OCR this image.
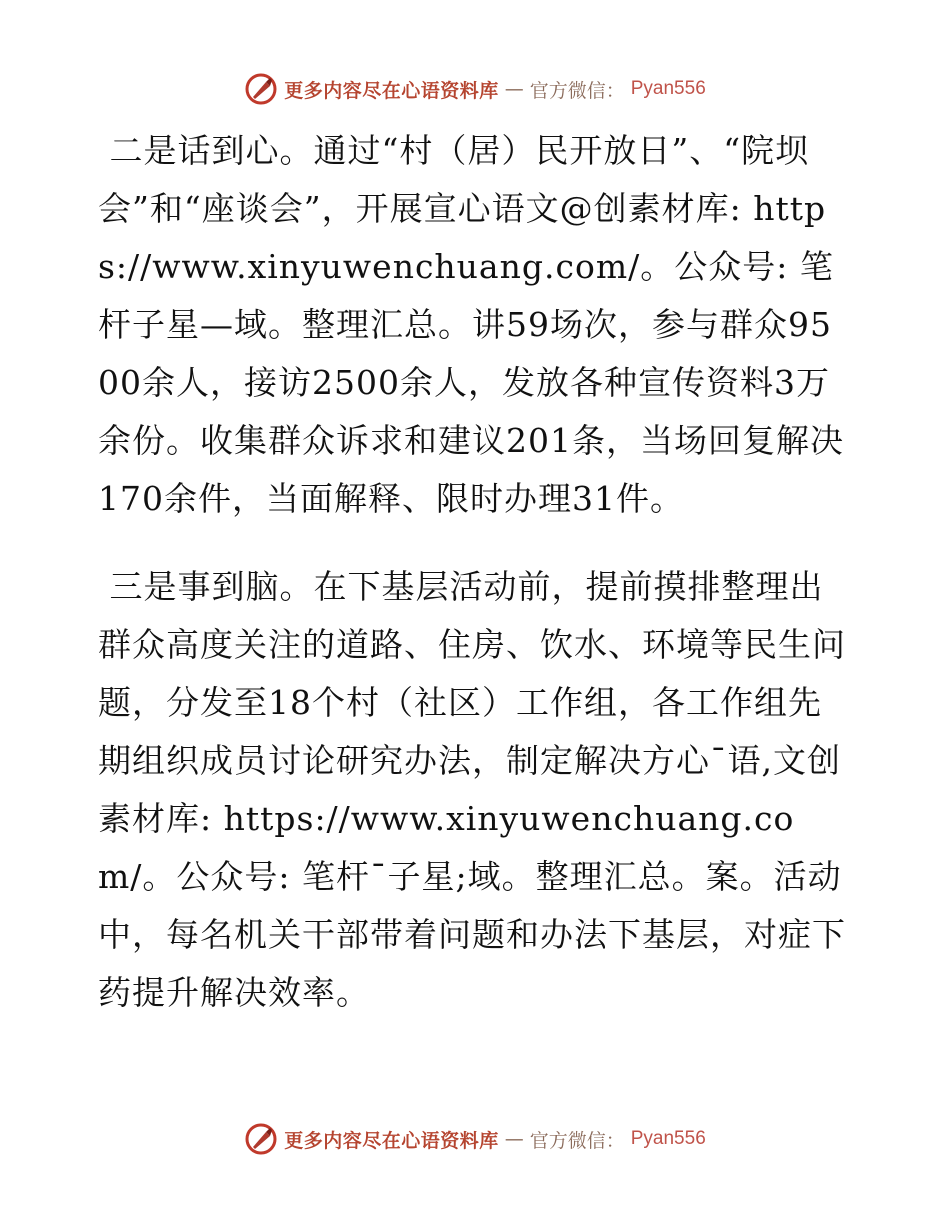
更多内容尽在心语资料库 — 官方微信： Pyan556

二是话到心。通过“村（居）民开放日”、“院坝会”和“座谈会”，开展宣心语文@创素材库: https://www.xinyuwenchuang.com/。公众号: 笔杆子星—域。整理汇总。讲59场次，参与群众9500余人，接访2500余人，发放各种宣传资料3万余份。收集群众诉求和建议201条，当场回复解决170余件，当面解释、限时办理31件。

三是事到脑。在下基层活动前，提前摸排整理出群众高度关注的道路、住房、饮水、环境等民生问题，分发至18个村（社区）工作组，各工作组先期组织成员讨论研究办法，制定解决方心¯语,文创素材库: https://www.xinyuwenchuang.com/。公众号: 笔杆¯子星;域。整理汇总。案。活动中，每名机关干部带着问题和办法下基层，对症下药提升解决效率。

更多内容尽在心语资料库 — 官方微信： Pyan556
